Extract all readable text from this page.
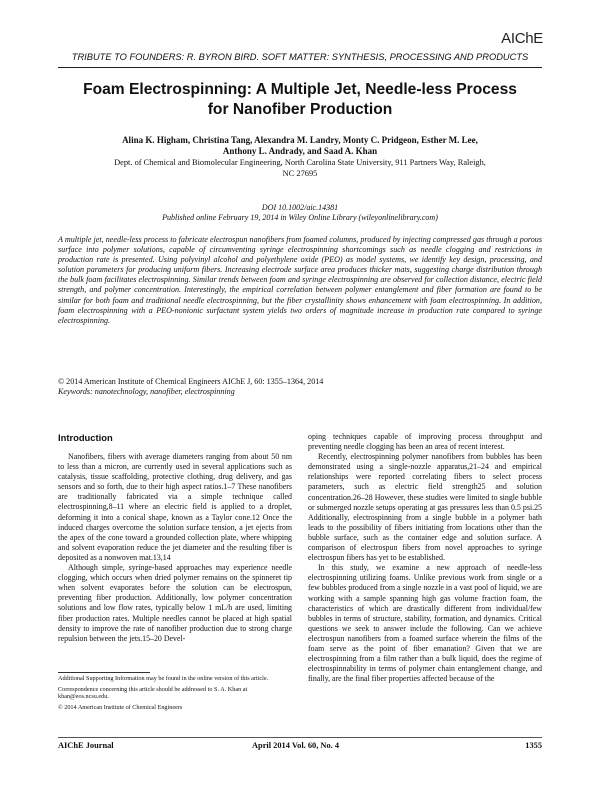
AIChE
TRIBUTE TO FOUNDERS: R. BYRON BIRD. SOFT MATTER: SYNTHESIS, PROCESSING AND PRODUCTS
Foam Electrospinning: A Multiple Jet, Needle-less Process
for Nanofiber Production
Alina K. Higham, Christina Tang, Alexandra M. Landry, Monty C. Pridgeon, Esther M. Lee,
Anthony L. Andrady, and Saad A. Khan
Dept. of Chemical and Biomolecular Engineering, North Carolina State University, 911 Partners Way, Raleigh,
NC 27695
DOI 10.1002/aic.14381
Published online February 19, 2014 in Wiley Online Library (wileyonlinelibrary.com)
A multiple jet, needle-less process to fabricate electrospun nanofibers from foamed columns, produced by injecting compressed gas through a porous surface into polymer solutions, capable of circumventing syringe electrospinning shortcomings such as needle clogging and restrictions in production rate is presented. Using polyvinyl alcohol and polyethylene oxide (PEO) as model systems, we identify key design, processing, and solution parameters for producing uniform fibers. Increasing electrode surface area produces thicker mats, suggesting charge distribution through the bulk foam facilitates electrospinning. Similar trends between foam and syringe electrospinning are observed for collection distance, electric field strength, and polymer concentration. Interestingly, the empirical correlation between polymer entanglement and fiber formation are found to be similar for both foam and traditional needle electrospinning, but the fiber crystallinity shows enhancement with foam electrospinning. In addition, foam electrospinning with a PEO-nonionic surfactant system yields two orders of magnitude increase in production rate compared to syringe electrospinning.
© 2014 American Institute of Chemical Engineers AIChE J, 60: 1355–1364, 2014
Keywords: nanotechnology, nanofiber, electrospinning
Introduction

Nanofibers, fibers with average diameters ranging from about 50 nm to less than a micron, are currently used in several applications such as catalysis, tissue scaffolding, protective clothing, drug delivery, and gas sensors and so forth, due to their high aspect ratios.1–7 These nanofibers are traditionally fabricated via a simple technique called electrospinning,8–11 where an electric field is applied to a droplet, deforming it into a conical shape, known as a Taylor cone.12 Once the induced charges overcome the solution surface tension, a jet ejects from the apex of the cone toward a grounded collection plate, where whipping and solvent evaporation reduce the jet diameter and the resulting fiber is deposited as a nonwoven mat.13,14

Although simple, syringe-based approaches may experience needle clogging, which occurs when dried polymer remains on the spinneret tip when solvent evaporates before the solution can be electrospun, preventing fiber production. Additionally, low polymer concentration solutions and low flow rates, typically below 1 mL/h are used, limiting fiber production rates. Multiple needles cannot be placed at high spatial density to improve the rate of nanofiber production due to strong charge repulsion between the jets.15–20 Devel-

oping techniques capable of improving process throughput and preventing needle clogging has been an area of recent interest.

Recently, electrospinning polymer nanofibers from bubbles has been demonstrated using a single-nozzle apparatus,21–24 and empirical relationships were reported correlating fibers to select process parameters, such as electric field strength25 and solution concentration.26–28 However, these studies were limited to single bubble or submerged nozzle setups operating at gas pressures less than 0.5 psi.25 Additionally, electrospinning from a single bubble in a polymer bath leads to the possibility of fibers initiating from locations other than the bubble surface, such as the container edge and solution surface. A comparison of electrospun fibers from novel approaches to syringe electrospun fibers has yet to be established.

In this study, we examine a new approach of needle-less electrospinning utilizing foams. Unlike previous work from single or a few bubbles produced from a single nozzle in a vast pool of liquid, we are working with a sample spanning high gas volume fraction foam, the characteristics of which are drastically different from individual/few bubbles in terms of structure, stability, formation, and dynamics. Critical questions we seek to answer include the following. Can we achieve electrospun nanofibers from a foamed surface wherein the films of the foam serve as the point of fiber emanation? Given that we are electrospinning from a film rather than a bulk liquid, does the regime of electrospinnability in terms of polymer chain entanglement change, and finally, are the final fiber properties affected because of the

Additional Supporting Information may be found in the online version of this article.

Correspondence concerning this article should be addressed to S. A. Khan at khan@eos.ncsu.edu.

© 2014 American Institute of Chemical Engineers

AIChE Journal	April 2014 Vol. 60, No. 4	1355
